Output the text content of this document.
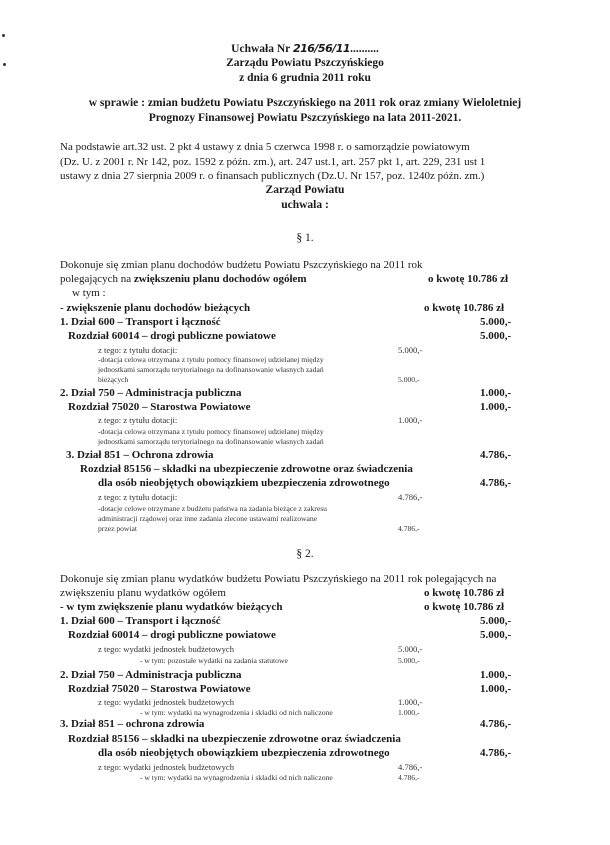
Uchwała Nr 216/56/11..........
Zarządu Powiatu Pszczyńskiego
z dnia 6 grudnia 2011 roku
w sprawie : zmian budżetu Powiatu Pszczyńskiego na 2011 rok oraz zmiany Wieloletniej
Prognozy Finansowej Powiatu Pszczyńskiego na lata 2011-2021.
Na podstawie art.32 ust. 2 pkt 4 ustawy z dnia 5 czerwca 1998 r. o samorządzie powiatowym
(Dz. U. z 2001 r. Nr 142, poz. 1592 z późn. zm.), art. 247 ust.1, art. 257 pkt 1, art. 229, 231 ust 1
ustawy z dnia 27 sierpnia 2009 r. o finansach publicznych (Dz.U. Nr 157, poz. 1240z późn. zm.)
Zarząd Powiatu
uchwala :
§ 1.
Dokonuje się zmian planu dochodów budżetu Powiatu Pszczyńskiego na 2011 rok
polegających na zwiększeniu planu dochodów ogółem	o kwotę 10.786 zł
w tym :
- zwiększenie planu dochodów bieżących	o kwotę 10.786 zł
1. Dział 600 – Transport i łączność	5.000,-
Rozdział 60014 – drogi publiczne powiatowe	5.000,-
z tego: z tytułu dotacji:	5.000,-
-dotacja celowa otrzymana z tytułu pomocy finansowej udzielanej między
jednostkami samorządu terytorialnego na dofinansowanie własnych zadań
bieżących	5.000,-
2. Dział 750 – Administracja publiczna	1.000,-
Rozdział 75020 – Starostwa Powiatowe	1.000,-
z tego: z tytułu dotacji:	1.000,-
-dotacja celowa otrzymana z tytułu pomocy finansowej udzielanej między
jednostkami samorządu terytorialnego na dofinansowanie własnych zadań
3. Dział 851 – Ochrona zdrowia	4.786,-
Rozdział 85156 – składki na ubezpieczenie zdrowotne oraz świadczenia
dla osób nieobjętych obowiązkiem ubezpieczenia zdrowotnego	4.786,-
z tego: z tytułu dotacji:	4.786,-
-dotacje celowe otrzymane z budżetu państwa na zadania bieżące z zakresu
administracji rządowej oraz inne zadania zlecone ustawami realizowane
przez powiat	4.786,-
§ 2.
Dokonuje się zmian planu wydatków budżetu Powiatu Pszczyńskiego na 2011 rok polegających na
zwiększeniu planu wydatków ogółem	o kwotę 10.786 zł
- w tym zwiększenie planu wydatków bieżących	o kwotę 10.786 zł
1. Dział 600 – Transport i łączność	5.000,-
Rozdział 60014 – drogi publiczne powiatowe	5.000,-
z tego: wydatki jednostek budżetowych	5.000,-
- w tym: pozostałe wydatki na zadania statutowe	5.000,-
2. Dział 750 – Administracja publiczna	1.000,-
Rozdział 75020 – Starostwa Powiatowe	1.000,-
z tego: wydatki jednostek budżetowych	1.000,-
- w tym: wydatki na wynagrodzenia i składki od nich naliczone	1.000,-
3. Dział 851 – ochrona zdrowia	4.786,-
Rozdział 85156 – składki na ubezpieczenie zdrowotne oraz świadczenia
dla osób nieobjętych obowiązkiem ubezpieczenia zdrowotnego	4.786,-
z tego: wydatki jednostek budżetowych	4.786,-
- w tym: wydatki na wynagrodzenia i składki od nich naliczone	4.786,-
